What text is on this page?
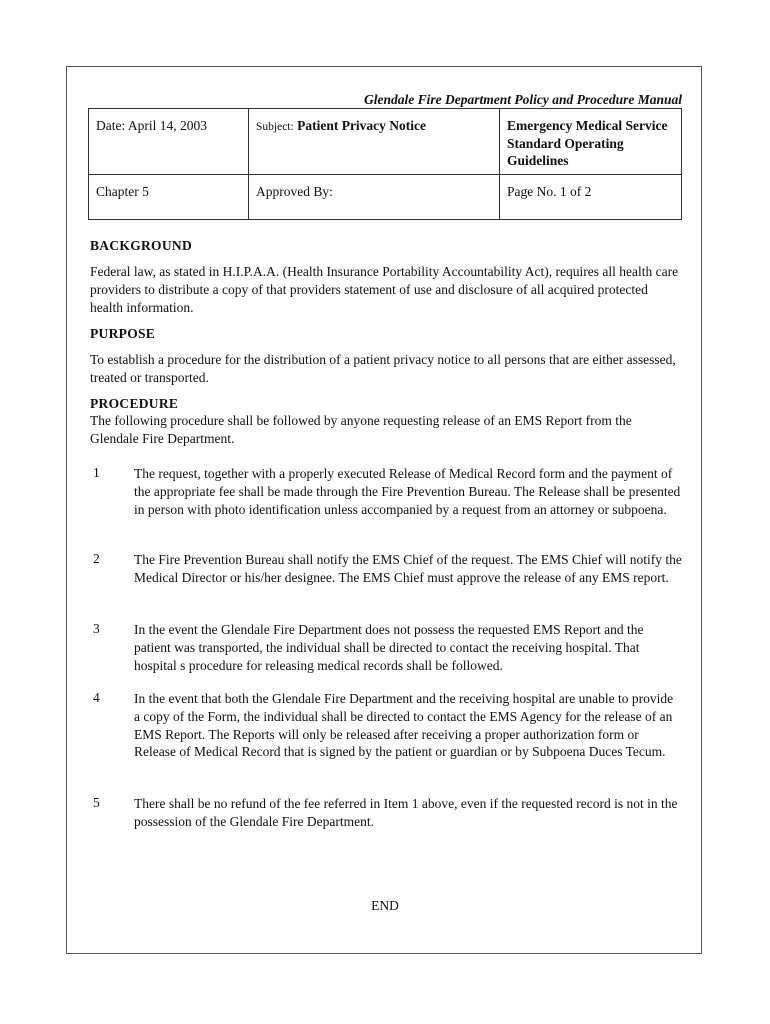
Glendale Fire Department Policy and Procedure Manual
Date: April 14, 2003	Subject: Patient Privacy Notice	Emergency Medical Service Standard Operating Guidelines
Chapter 5	Approved By:	Page No. 1 of 2
BACKGROUND
Federal law, as stated in H.I.P.A.A. (Health Insurance Portability Accountability Act), requires all health care providers to distribute a copy of that providers statement of use and disclosure of all acquired protected health information.
PURPOSE
To establish a procedure for the distribution of a patient privacy notice to all persons that are either assessed, treated or transported.
PROCEDURE
The following procedure shall be followed by anyone requesting release of an EMS Report from the Glendale Fire Department.
1	The request, together with a properly executed Release of Medical Record form and the payment of the appropriate fee shall be made through the Fire Prevention Bureau. The Release shall be presented in person with photo identification unless accompanied by a request from an attorney or subpoena.
2	The Fire Prevention Bureau shall notify the EMS Chief of the request. The EMS Chief will notify the Medical Director or his/her designee. The EMS Chief must approve the release of any EMS report.
3	In the event the Glendale Fire Department does not possess the requested EMS Report and the patient was transported, the individual shall be directed to contact the receiving hospital. That hospital s procedure for releasing medical records shall be followed.
4	In the event that both the Glendale Fire Department and the receiving hospital are unable to provide a copy of the Form, the individual shall be directed to contact the EMS Agency for the release of an EMS Report. The Reports will only be released after receiving a proper authorization form or Release of Medical Record that is signed by the patient or guardian or by Subpoena Duces Tecum.
5	There shall be no refund of the fee referred in Item 1 above, even if the requested record is not in the possession of the Glendale Fire Department.
END
